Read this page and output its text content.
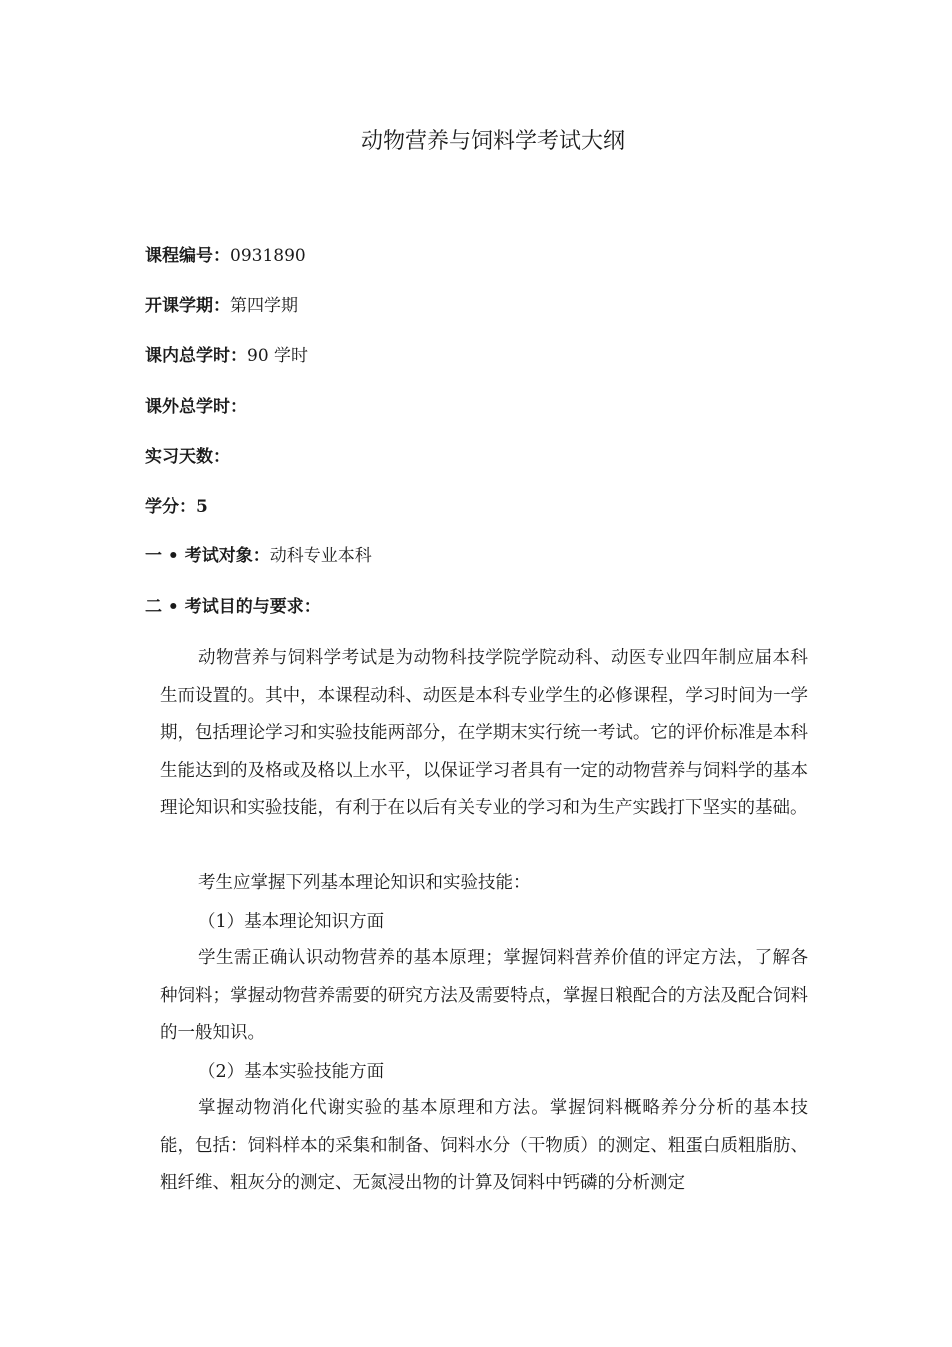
动物营养与饲料学考试大纲
课程编号：0931890
开课学期：第四学期
课内总学时：90 学时
课外总学时：
实习天数：
学分：5
一 • 考试对象：动科专业本科
二 • 考试目的与要求：

动物营养与饲料学考试是为动物科技学院学院动科、动医专业四年制应届本科生而设置的。其中，本课程动科、动医是本科专业学生的必修课程，学习时间为一学期，包括理论学习和实验技能两部分，在学期末实行统一考试。它的评价标准是本科生能达到的及格或及格以上水平，以保证学习者具有一定的动物营养与饲料学的基本理论知识和实验技能，有利于在以后有关专业的学习和为生产实践打下坚实的基础。

考生应掌握下列基本理论知识和实验技能：

（1）基本理论知识方面

学生需正确认识动物营养的基本原理；掌握饲料营养价值的评定方法，了解各种饲料；掌握动物营养需要的研究方法及需要特点，掌握日粮配合的方法及配合饲料的一般知识。

（2）基本实验技能方面

掌握动物消化代谢实验的基本原理和方法。掌握饲料概略养分分析的基本技能，包括：饲料样本的采集和制备、饲料水分（干物质）的测定、粗蛋白质粗脂肪、粗纤维、粗灰分的测定、无氮浸出物的计算及饲料中钙磷的分析测定
